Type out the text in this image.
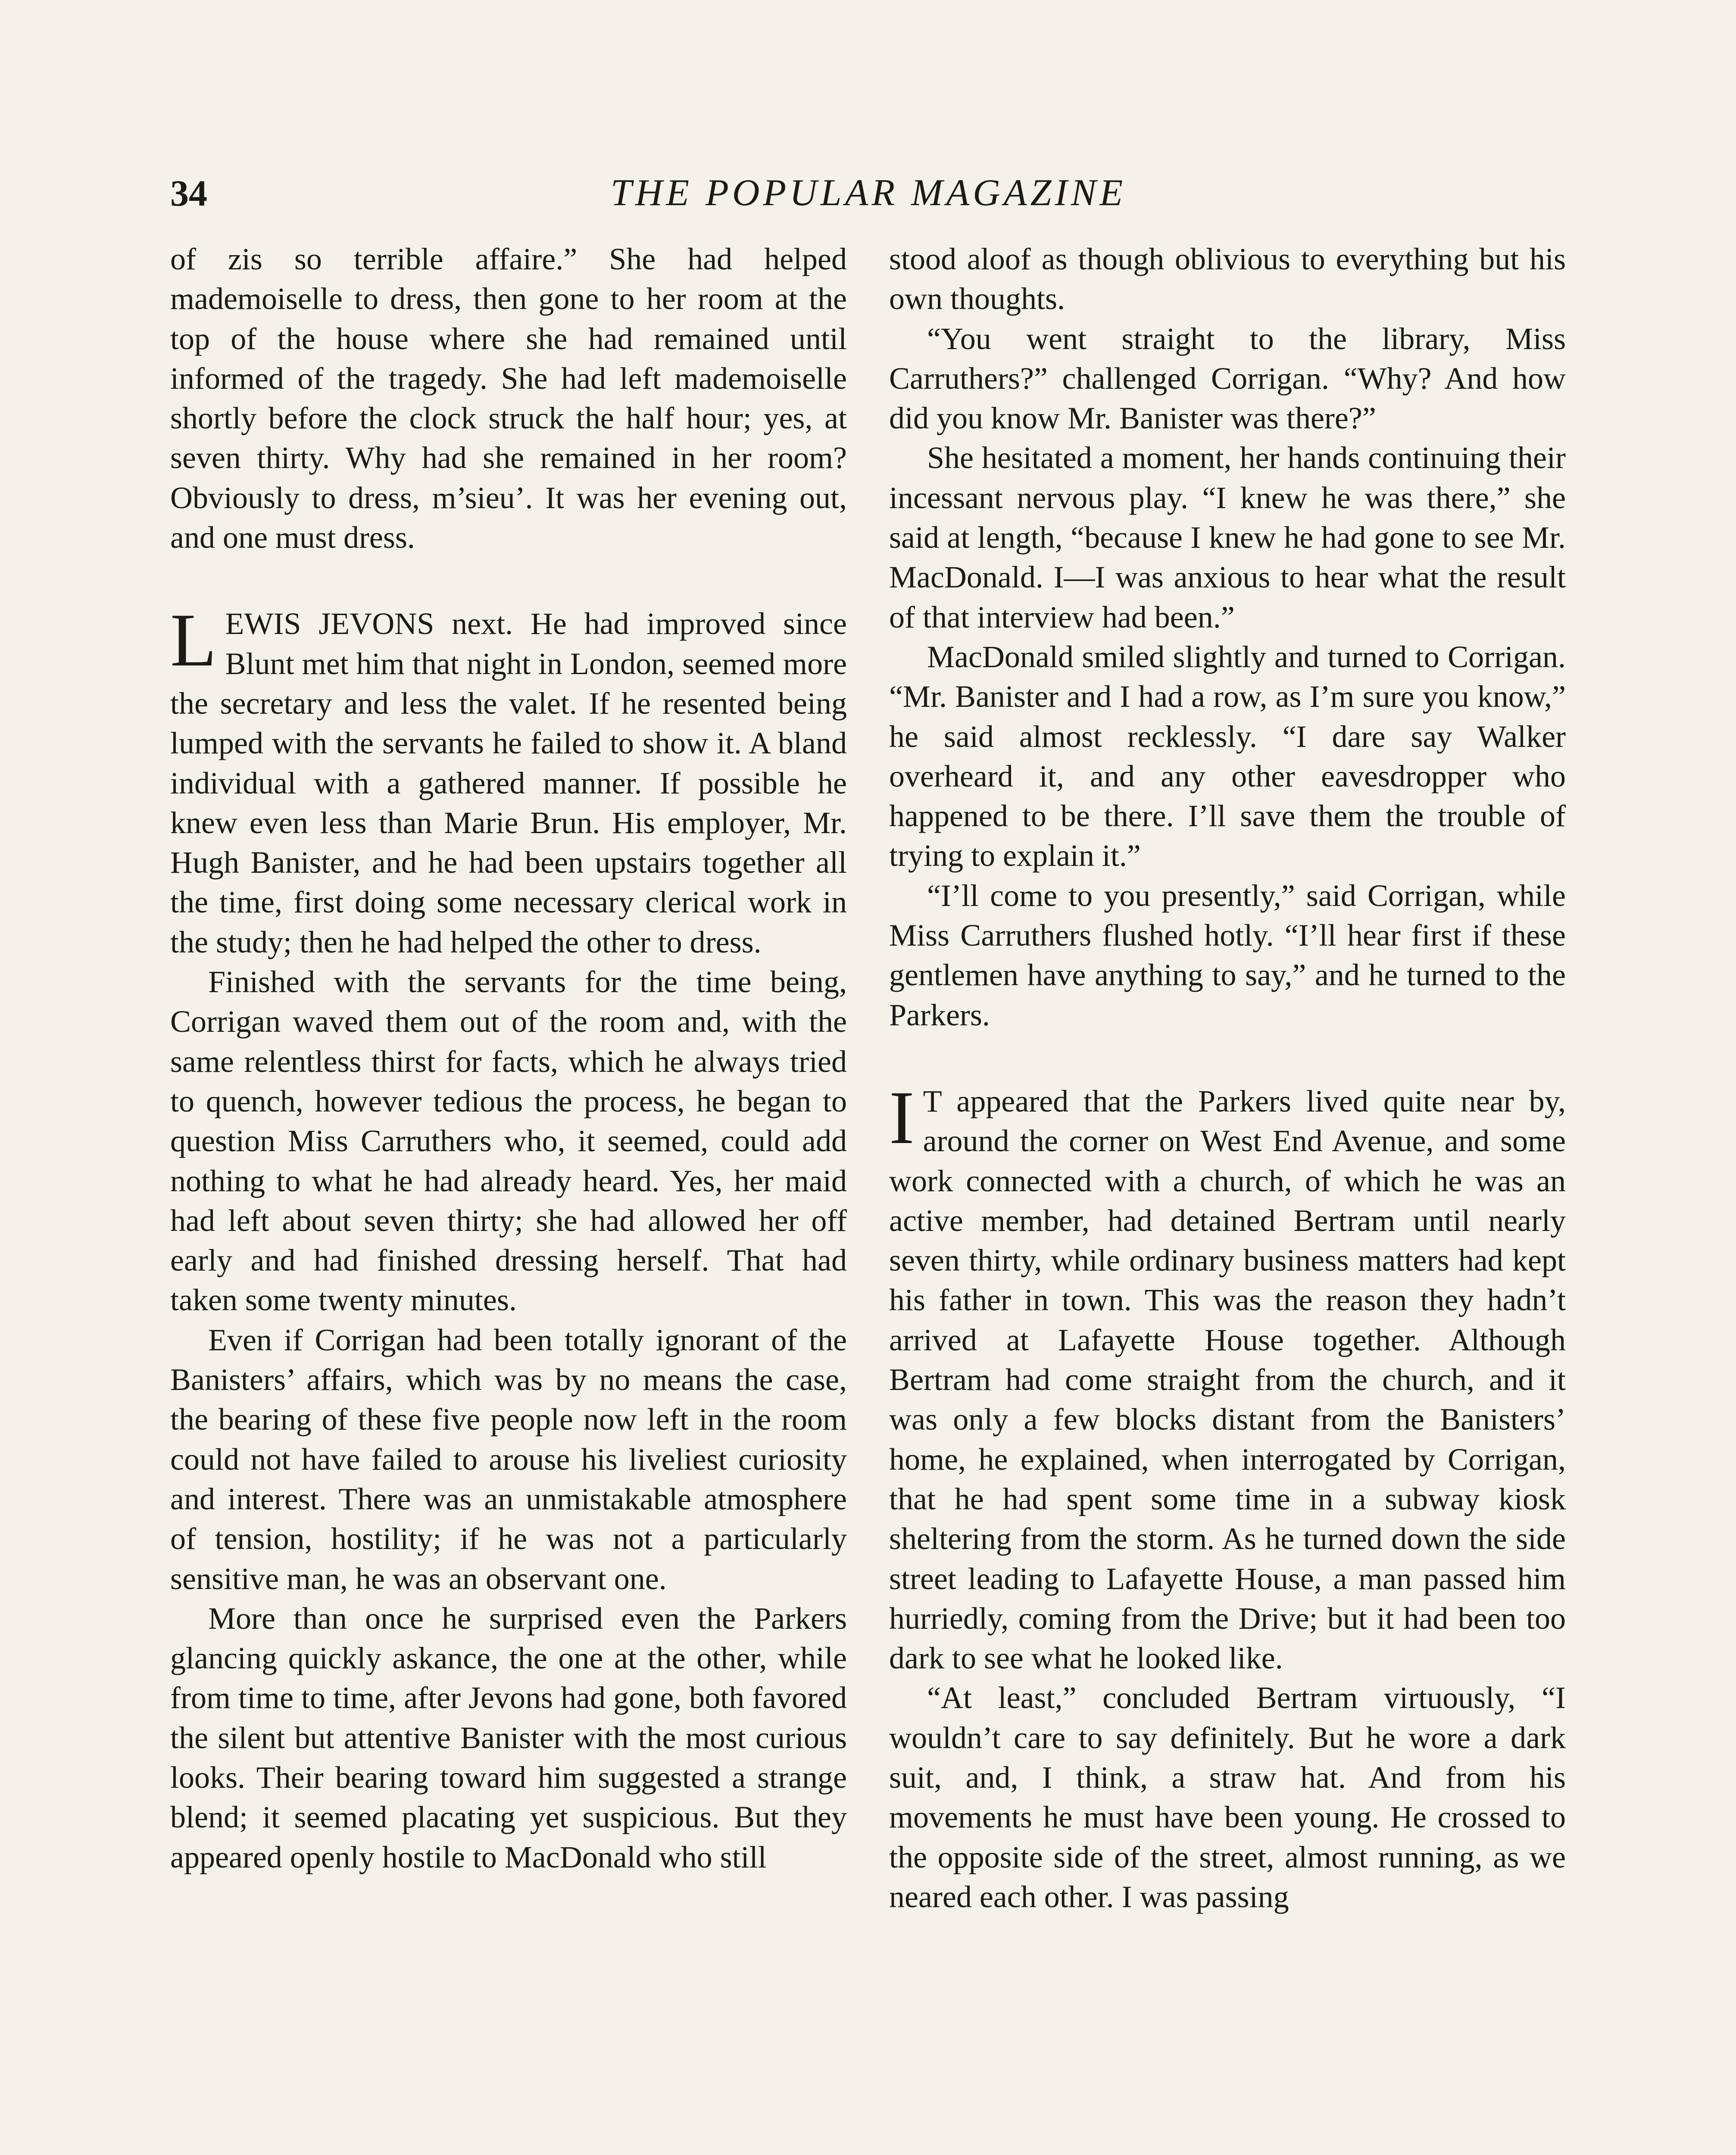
34	THE POPULAR MAGAZINE

of zis so terrible affaire.” She had helped mademoiselle to dress, then gone to her room at the top of the house where she had remained until informed of the tragedy. She had left mademoiselle shortly before the clock struck the half hour; yes, at seven thirty. Why had she remained in her room? Obviously to dress, m’sieu’. It was her evening out, and one must dress.

LEWIS JEVONS next. He had improved since Blunt met him that night in London, seemed more the secretary and less the valet. If he resented being lumped with the servants he failed to show it. A bland individual with a gathered manner. If possible he knew even less than Marie Brun. His employer, Mr. Hugh Banister, and he had been upstairs together all the time, first doing some necessary clerical work in the study; then he had helped the other to dress.

Finished with the servants for the time being, Corrigan waved them out of the room and, with the same relentless thirst for facts, which he always tried to quench, however tedious the process, he began to question Miss Carruthers who, it seemed, could add nothing to what he had already heard. Yes, her maid had left about seven thirty; she had allowed her off early and had finished dressing herself. That had taken some twenty minutes.

Even if Corrigan had been totally ignorant of the Banisters’ affairs, which was by no means the case, the bearing of these five people now left in the room could not have failed to arouse his liveliest curiosity and interest. There was an unmistakable atmosphere of tension, hostility; if he was not a particularly sensitive man, he was an observant one.

More than once he surprised even the Parkers glancing quickly askance, the one at the other, while from time to time, after Jevons had gone, both favored the silent but attentive Banister with the most curious looks. Their bearing toward him suggested a strange blend; it seemed placating yet suspicious. But they appeared openly hostile to MacDonald who still

stood aloof as though oblivious to everything but his own thoughts.

“You went straight to the library, Miss Carruthers?” challenged Corrigan. “Why? And how did you know Mr. Banister was there?”

She hesitated a moment, her hands continuing their incessant nervous play. “I knew he was there,” she said at length, “because I knew he had gone to see Mr. MacDonald. I—I was anxious to hear what the result of that interview had been.”

MacDonald smiled slightly and turned to Corrigan. “Mr. Banister and I had a row, as I’m sure you know,” he said almost recklessly. “I dare say Walker overheard it, and any other eavesdropper who happened to be there. I’ll save them the trouble of trying to explain it.”

“I’ll come to you presently,” said Corrigan, while Miss Carruthers flushed hotly. “I’ll hear first if these gentlemen have anything to say,” and he turned to the Parkers.

I T appeared that the Parkers lived quite near by, around the corner on West End Avenue, and some work connected with a church, of which he was an active member, had detained Bertram until nearly seven thirty, while ordinary business matters had kept his father in town. This was the reason they hadn’t arrived at Lafayette House together. Although Bertram had come straight from the church, and it was only a few blocks distant from the Banisters’ home, he explained, when interrogated by Corrigan, that he had spent some time in a subway kiosk sheltering from the storm. As he turned down the side street leading to Lafayette House, a man passed him hurriedly, coming from the Drive; but it had been too dark to see what he looked like.

“At least,” concluded Bertram virtuously, “I wouldn’t care to say definitely. But he wore a dark suit, and, I think, a straw hat. And from his movements he must have been young. He crossed to the opposite side of the street, almost running, as we neared each other. I was passing
